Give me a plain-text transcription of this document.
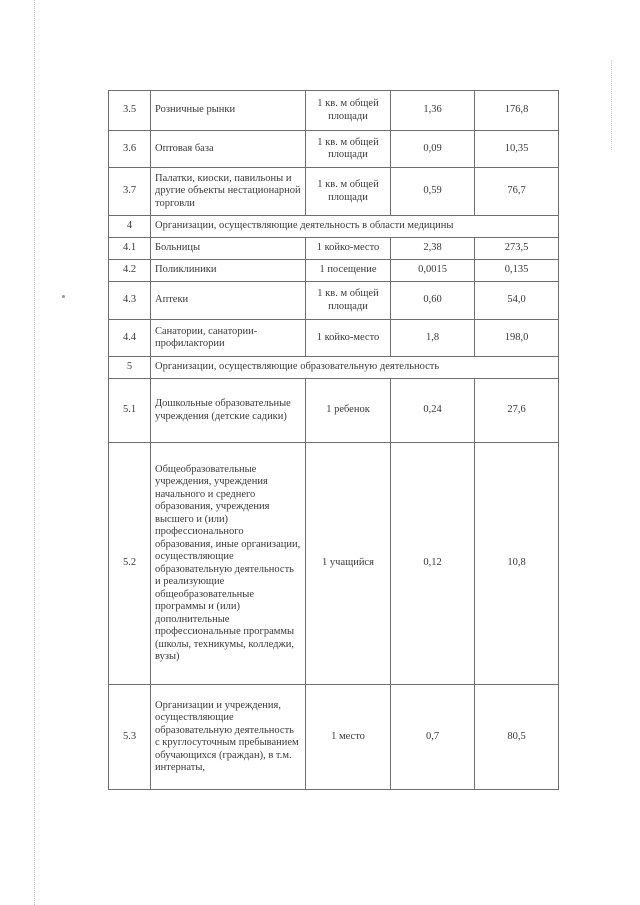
3.5	Розничные рынки	1 кв. м общей площади	1,36	176,8
3.6	Оптовая база	1 кв. м общей площади	0,09	10,35
3.7	Палатки, киоски, павильоны и другие объекты нестационарной торговли	1 кв. м общей площади	0,59	76,7
4	Организации, осуществляющие деятельность в области медицины			
4.1	Больницы	1 койко-место	2,38	273,5
4.2	Поликлиники	1 посещение	0,0015	0,135
4.3	Аптеки	1 кв. м общей площади	0,60	54,0
4.4	Санатории, санатории-профилактории	1 койко-место	1,8	198,0
5	Организации, осуществляющие образовательную деятельность			
5.1	Дошкольные образовательные учреждения (детские садики)	1 ребенок	0,24	27,6
5.2	Общеобразовательные учреждения, учреждения начального и среднего образования, учреждения высшего и (или) профессионального образования, иные организации, осуществляющие образовательную деятельность и реализующие общеобразовательные программы и (или) дополнительные профессиональные программы (школы, техникумы, колледжи, вузы)	1 учащийся	0,12	10,8
5.3	Организации и учреждения, осуществляющие образовательную деятельность с круглосуточным пребыванием обучающихся (граждан), в т.м. интернаты,	1 место	0,7	80,5
